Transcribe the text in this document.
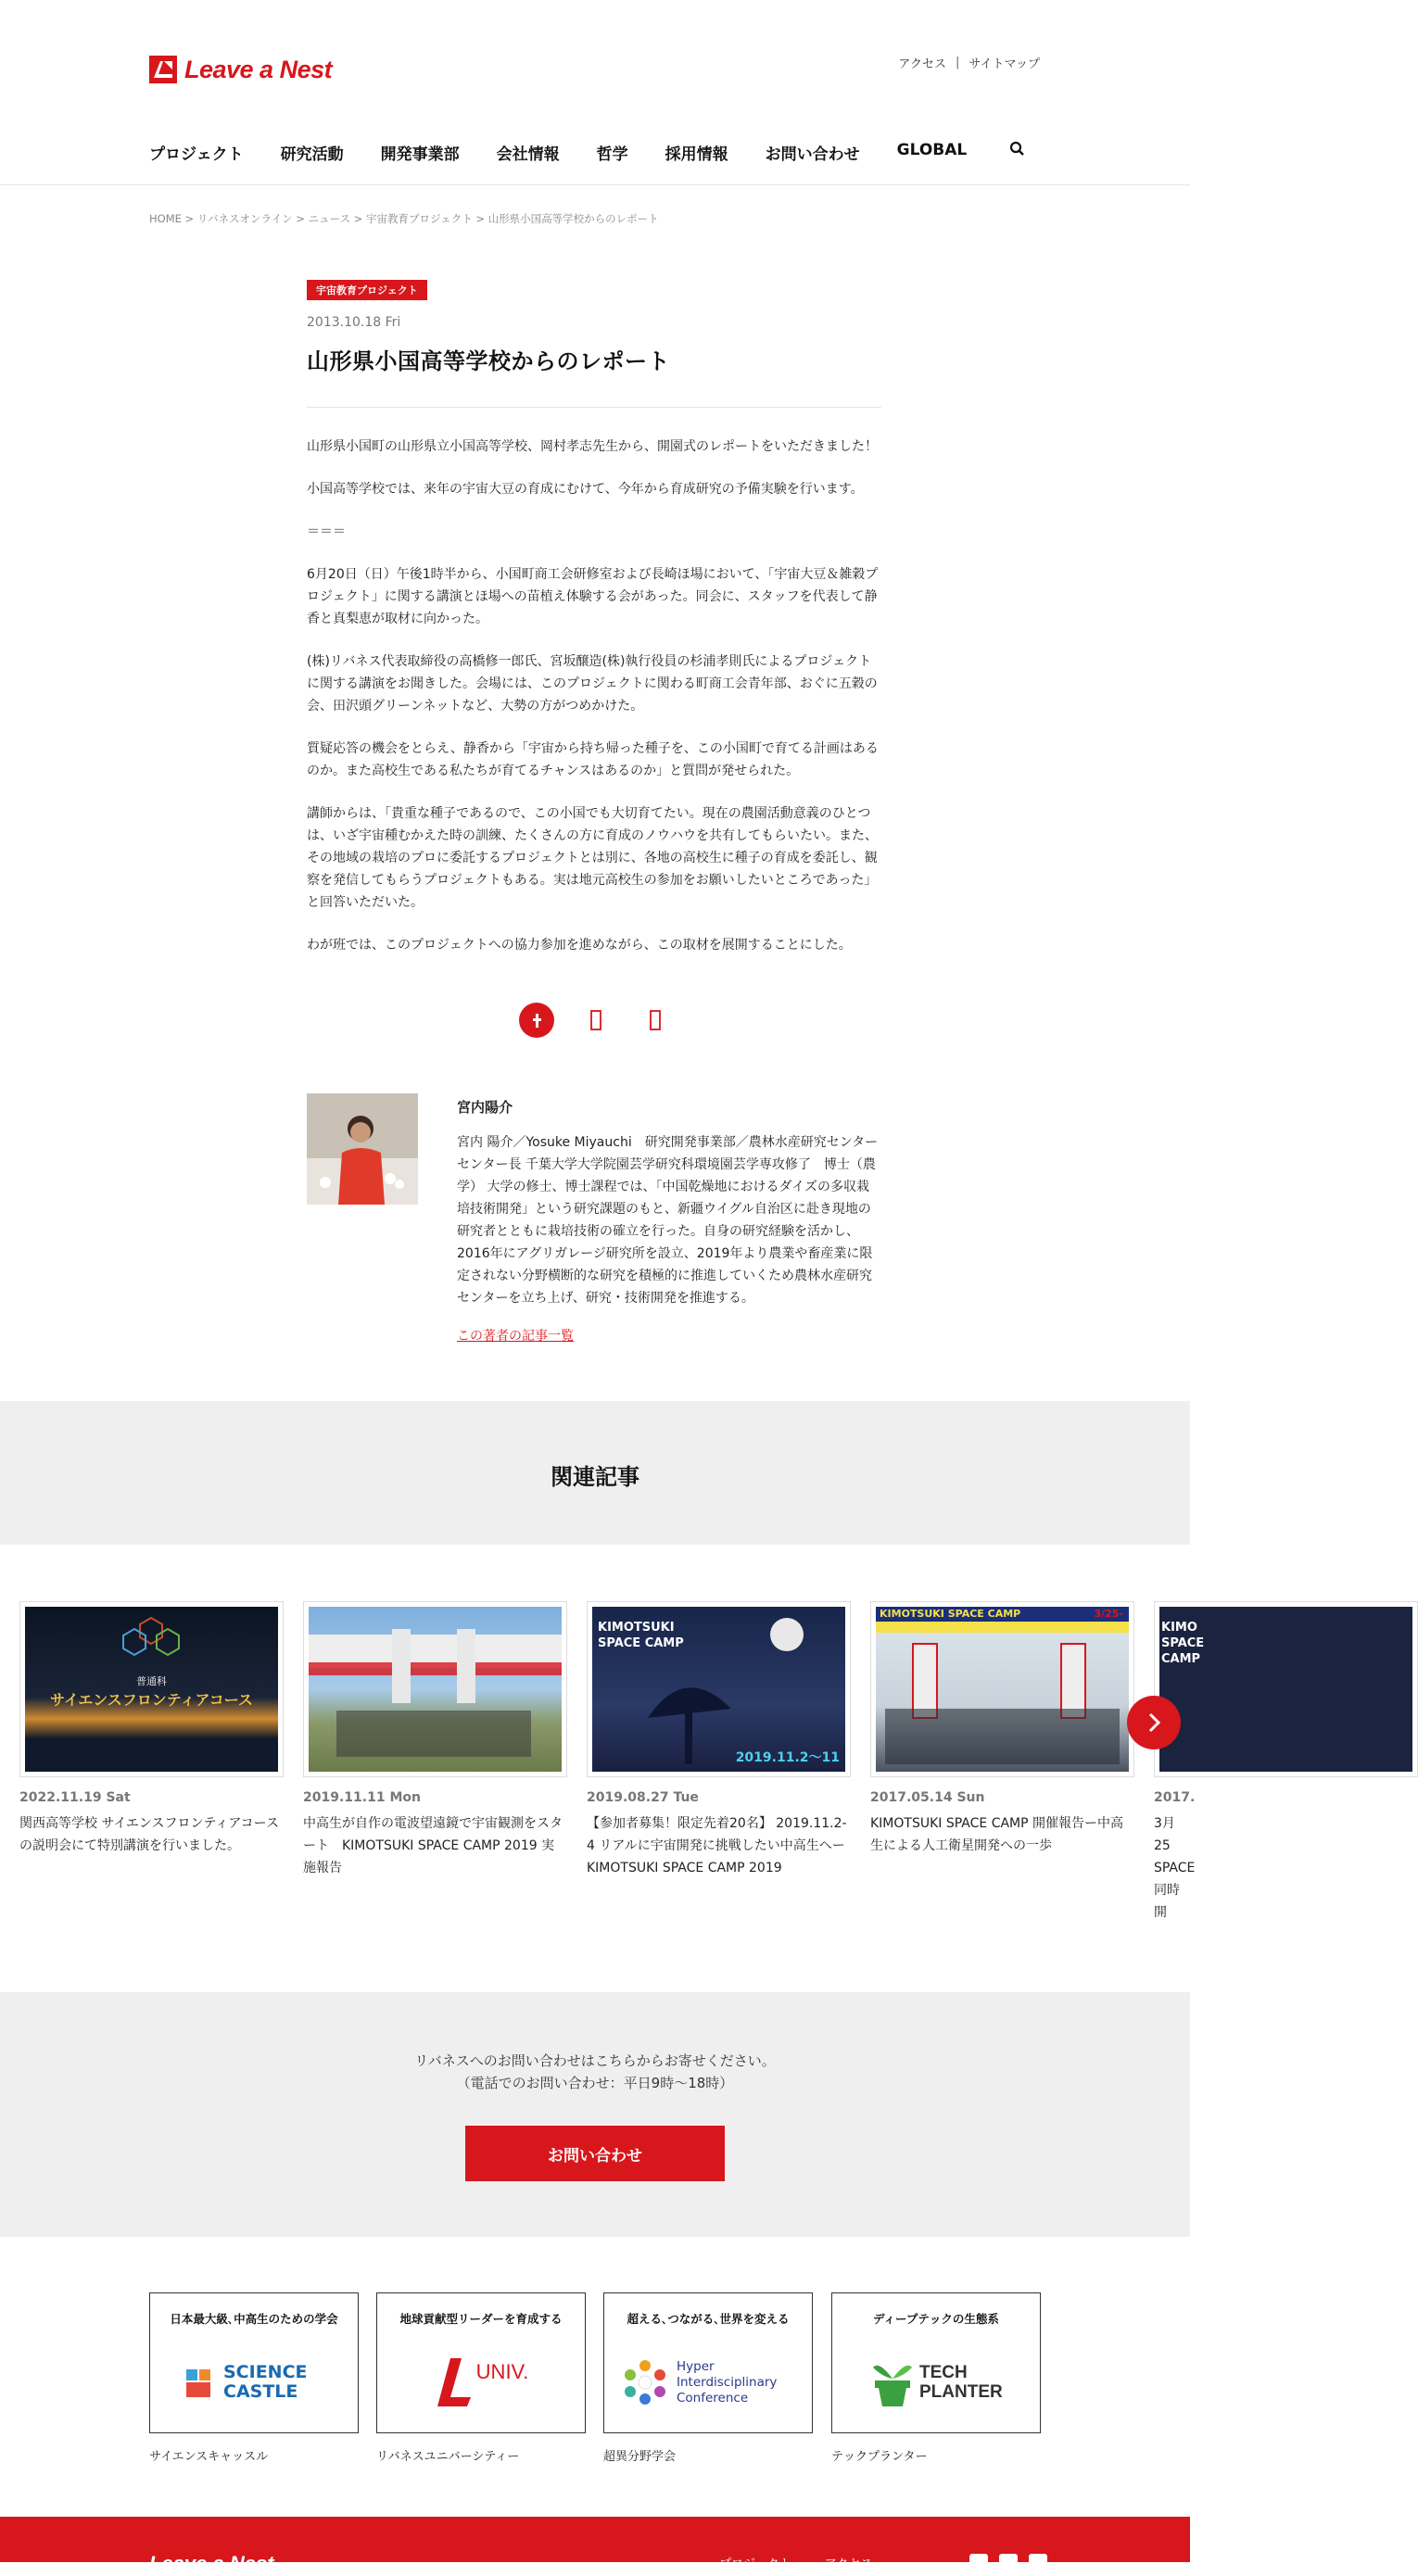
Leave a Nest	アクセス | サイトマップ
プロジェクト 研究活動 開発事業部 会社情報 哲学 採用情報 お問い合わせ GLOBAL
HOME > リバネスオンライン > ニュース > 宇宙教育プロジェクト > 山形県小国高等学校からのレポート
宇宙教育プロジェクト
2013.10.18 Fri
山形県小国高等学校からのレポート

山形県小国町の山形県立小国高等学校、岡村孝志先生から、開園式のレポートをいただきました！

小国高等学校では、来年の宇宙大豆の育成にむけて、今年から育成研究の予備実験を行います。

＝＝＝

6月20日（日）午後1時半から、小国町商工会研修室および長崎ほ場において、「宇宙大豆＆雑穀プロジェクト」に関する講演とほ場への苗植え体験する会があった。同会に、スタッフを代表して静香と真梨恵が取材に向かった。

(株)リバネス代表取締役の高橋修一郎氏、宮坂醸造(株)執行役員の杉浦孝則氏によるプロジェクトに関する講演をお聞きした。会場には、このプロジェクトに関わる町商工会青年部、おぐに五穀の会、田沢頭グリーンネットなど、大勢の方がつめかけた。

質疑応答の機会をとらえ、静香から「宇宙から持ち帰った種子を、この小国町で育てる計画はあるのか。また高校生である私たちが育てるチャンスはあるのか」と質問が発せられた。

講師からは、「貴重な種子であるので、この小国でも大切育てたい。現在の農園活動意義のひとつは、いざ宇宙種むかえた時の訓練、たくさんの方に育成のノウハウを共有してもらいたい。また、その地域の栽培のプロに委託するプロジェクトとは別に、各地の高校生に種子の育成を委託し、観察を発信してもらうプロジェクトもある。実は地元高校生の参加をお願いしたいところであった」と回答いただいた。

わが班では、このプロジェクトへの協力参加を進めながら、この取材を展開することにした。

宮内陽介
宮内 陽介／Yosuke Miyauchi　研究開発事業部／農林水産研究センター センター長 千葉大学大学院園芸学研究科環境園芸学専攻修了　博士（農学） 大学の修士、博士課程では、「中国乾燥地におけるダイズの多収栽培技術開発」という研究課題のもと、新疆ウイグル自治区に赴き現地の研究者とともに栽培技術の確立を行った。自身の研究経験を活かし、2016年にアグリガレージ研究所を設立、2019年より農業や畜産業に限定されない分野横断的な研究を積極的に推進していくため農林水産研究センターを立ち上げ、研究・技術開発を推進する。
この著者の記事一覧
関連記事
普通科
サイエンスフロンティアコース
2022.11.19 Sat
関西高等学校 サイエンスフロンティアコースの説明会にて特別講演を行いました。
2019.11.11 Mon
中高生が自作の電波望遠鏡で宇宙観測をスタート　KIMOTSUKI SPACE CAMP 2019 実施報告
KIMOTSUKI SPACE CAMP
2019.11.2～11
2019.08.27 Tue
【参加者募集！限定先着20名】 2019.11.2-4 リアルに宇宙開発に挑戦したい中高生へー KIMOTSUKI SPACE CAMP 2019
KIMOTSUKI SPACE CAMP	3/25-
2017.05.14 Sun
KIMOTSUKI SPACE CAMP 開催報告ー中高生による人工衛星開発への一歩
KIMO SPACE CAMP
2017.
3月25 SPACE 同時開
リバネスへのお問い合わせはこちらからお寄せください。
（電話でのお問い合わせ：平日9時〜18時）
お問い合わせ
日本最大級､中高生のための学会
SCIENCE CASTLE
サイエンスキャッスル
地球貢献型リーダーを育成する
UNIV.
リバネスユニバーシティー
超える､つながる､世界を変える
Hyper Interdisciplinary Conference
超異分野学会
ディープテックの生態系
TECH PLANTER
テックプランター
Leave a Nest	プロジェクト	アクセス
